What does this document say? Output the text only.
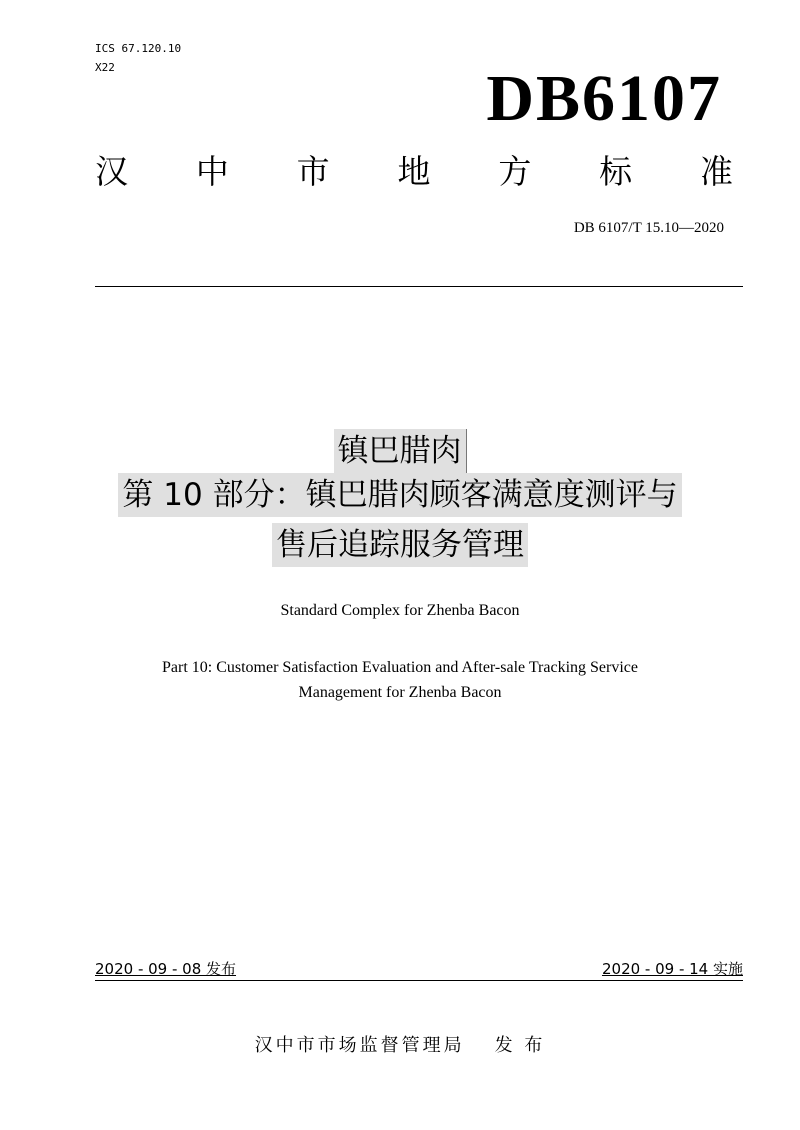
ICS 67.120.10
X22	DB6107
汉 中 市 地 方 标 准
DB 6107/T 15.10—2020
镇巴腊肉
第 10 部分：镇巴腊肉顾客满意度测评与
售后追踪服务管理
Standard Complex for Zhenba Bacon
Part 10: Customer Satisfaction Evaluation and After-sale Tracking Service
Management for Zhenba Bacon
2020 - 09 - 08 发布	2020 - 09 - 14 实施
汉中市市场监督管理局 发 布
